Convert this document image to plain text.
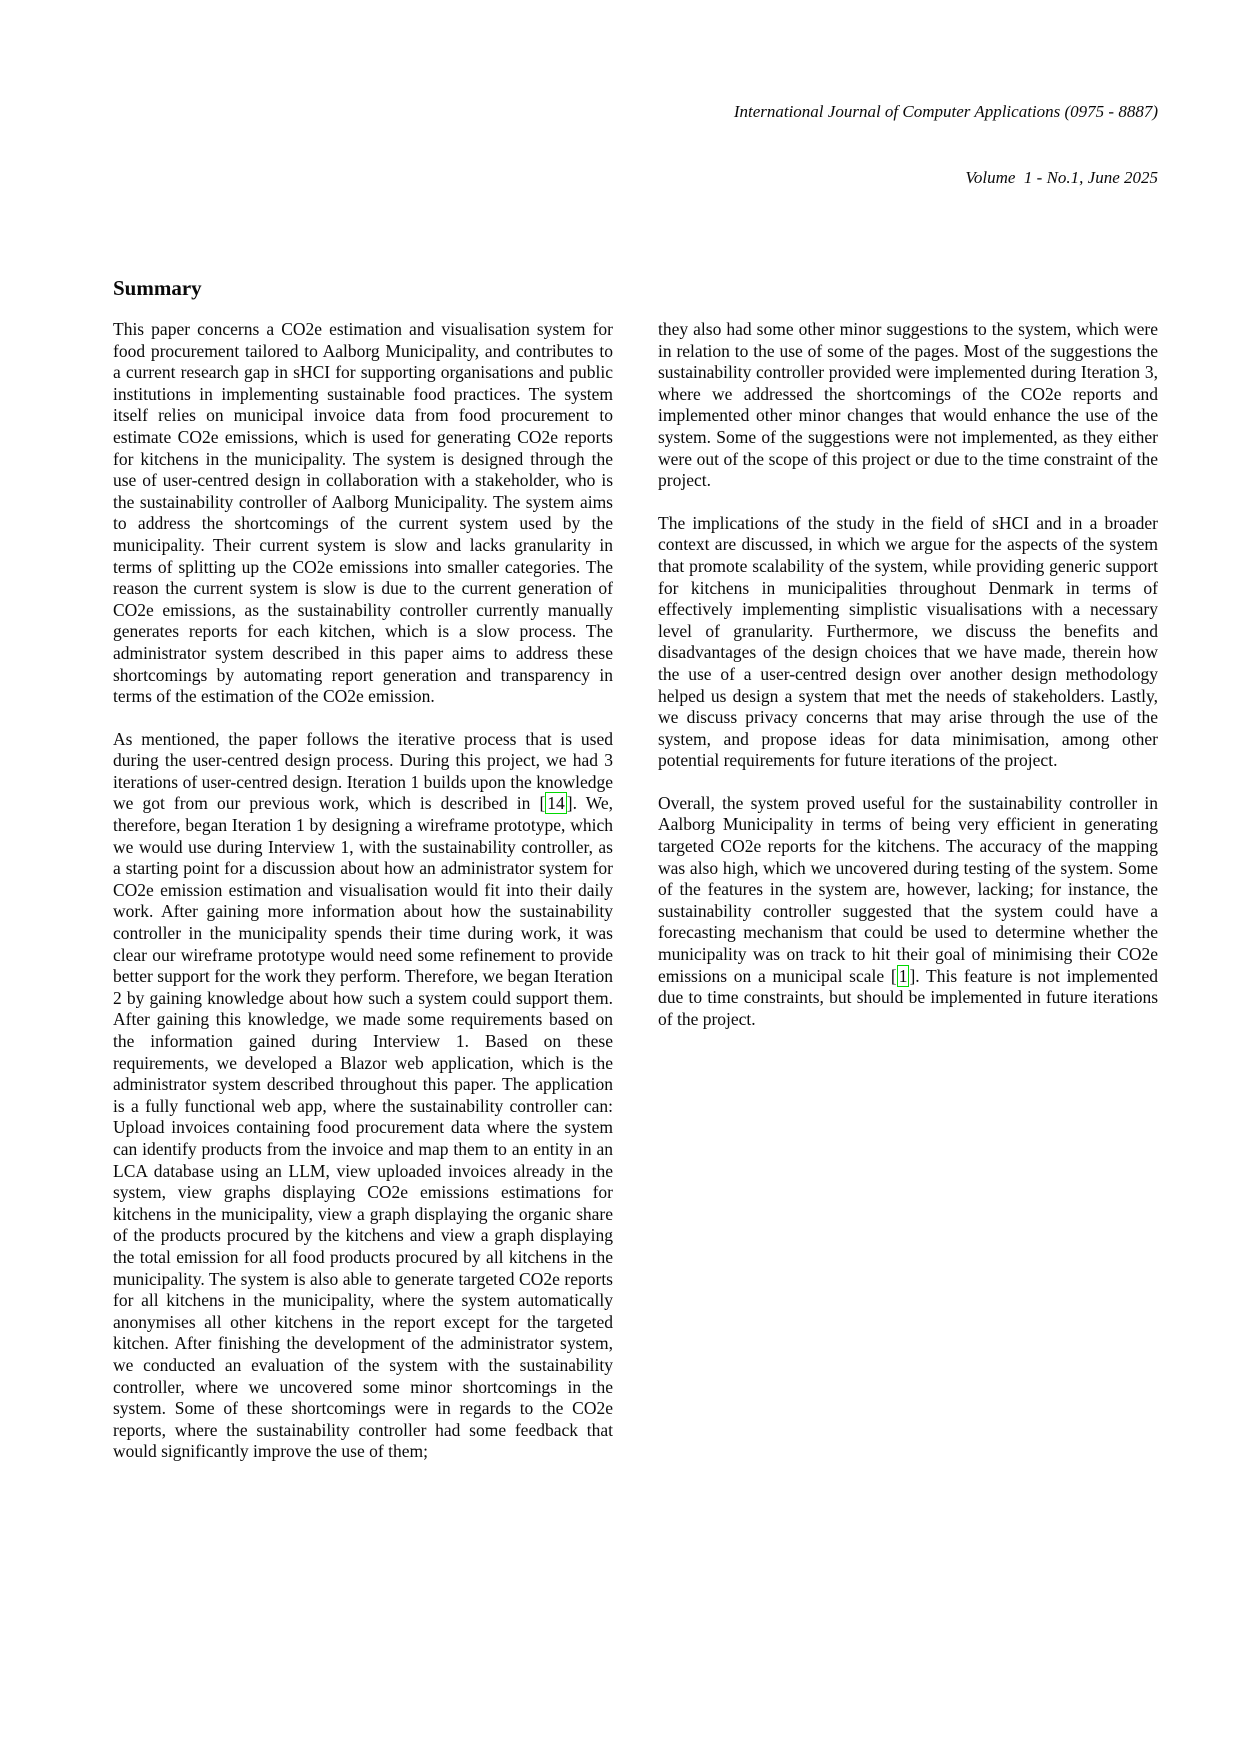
International Journal of Computer Applications (0975 - 8887)

Volume  1 - No.1, June 2025

Summary

This paper concerns a CO2e estimation and visualisation system for food procurement tailored to Aalborg Municipality, and contributes to a current research gap in sHCI for supporting organisations and public institutions in implementing sustainable food practices. The system itself relies on municipal invoice data from food procurement to estimate CO2e emissions, which is used for generating CO2e reports for kitchens in the municipality. The system is designed through the use of user-centred design in collaboration with a stakeholder, who is the sustainability controller of Aalborg Municipality. The system aims to address the shortcomings of the current system used by the municipality. Their current system is slow and lacks granularity in terms of splitting up the CO2e emissions into smaller categories. The reason the current system is slow is due to the current generation of CO2e emissions, as the sustainability controller currently manually generates reports for each kitchen, which is a slow process. The administrator system described in this paper aims to address these shortcomings by automating report generation and transparency in terms of the estimation of the CO2e emission.

As mentioned, the paper follows the iterative process that is used during the user-centred design process. During this project, we had 3 iterations of user-centred design. Iteration 1 builds upon the knowledge we got from our previous work, which is described in [ 14 ]. We, therefore, began Iteration 1 by designing a wireframe prototype, which we would use during Interview 1, with the sustainability controller, as a starting point for a discussion about how an administrator system for CO2e emission estimation and visualisation would fit into their daily work. After gaining more information about how the sustainability controller in the municipality spends their time during work, it was clear our wireframe prototype would need some refinement to provide better support for the work they perform. Therefore, we began Iteration 2 by gaining knowledge about how such a system could support them. After gaining this knowledge, we made some requirements based on the information gained during Interview 1. Based on these requirements, we developed a Blazor web application, which is the administrator system described throughout this paper. The application is a fully functional web app, where the sustainability controller can: Upload invoices containing food procurement data where the system can identify products from the invoice and map them to an entity in an LCA database using an LLM, view uploaded invoices already in the system, view graphs displaying CO2e emissions estimations for kitchens in the municipality, view a graph displaying the organic share of the products procured by the kitchens and view a graph displaying the total emission for all food products procured by all kitchens in the municipality. The system is also able to generate targeted CO2e reports for all kitchens in the municipality, where the system automatically anonymises all other kitchens in the report except for the targeted kitchen. After finishing the development of the administrator system, we conducted an evaluation of the system with the sustainability controller, where we uncovered some minor shortcomings in the system. Some of these shortcomings were in regards to the CO2e reports, where the sustainability controller had some feedback that would significantly improve the use of them;

they also had some other minor suggestions to the system, which were in relation to the use of some of the pages. Most of the suggestions the sustainability controller provided were implemented during Iteration 3, where we addressed the shortcomings of the CO2e reports and implemented other minor changes that would enhance the use of the system. Some of the suggestions were not implemented, as they either were out of the scope of this project or due to the time constraint of the project.

The implications of the study in the field of sHCI and in a broader context are discussed, in which we argue for the aspects of the system that promote scalability of the system, while providing generic support for kitchens in municipalities throughout Denmark in terms of effectively implementing simplistic visualisations with a necessary level of granularity. Furthermore, we discuss the benefits and disadvantages of the design choices that we have made, therein how the use of a user-centred design over another design methodology helped us design a system that met the needs of stakeholders. Lastly, we discuss privacy concerns that may arise through the use of the system, and propose ideas for data minimisation, among other potential requirements for future iterations of the project.

Overall, the system proved useful for the sustainability controller in Aalborg Municipality in terms of being very efficient in generating targeted CO2e reports for the kitchens. The accuracy of the mapping was also high, which we uncovered during testing of the system. Some of the features in the system are, however, lacking; for instance, the sustainability controller suggested that the system could have a forecasting mechanism that could be used to determine whether the municipality was on track to hit their goal of minimising their CO2e emissions on a municipal scale [ 1 ]. This feature is not implemented due to time constraints, but should be implemented in future iterations of the project.
